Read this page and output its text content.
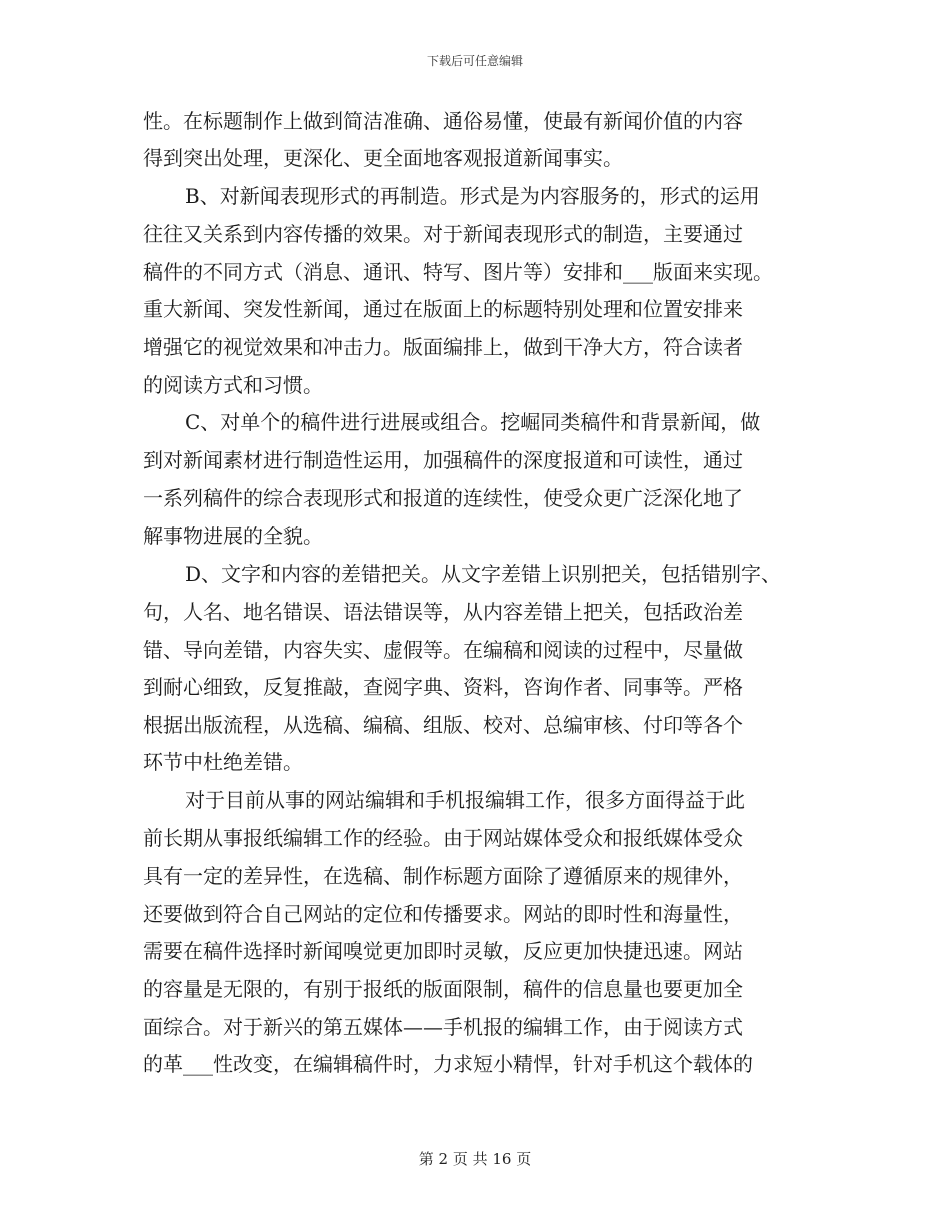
下载后可任意编辑
性。在标题制作上做到简洁准确、通俗易懂，使最有新闻价值的内容
得到突出处理，更深化、更全面地客观报道新闻事实。
B、对新闻表现形式的再制造。形式是为内容服务的，形式的运用
往往又关系到内容传播的效果。对于新闻表现形式的制造，主要通过
稿件的不同方式（消息、通讯、特写、图片等）安排和___版面来实现。
重大新闻、突发性新闻，通过在版面上的标题特别处理和位置安排来
增强它的视觉效果和冲击力。版面编排上，做到干净大方，符合读者
的阅读方式和习惯。
C、对单个的稿件进行进展或组合。挖崛同类稿件和背景新闻，做
到对新闻素材进行制造性运用，加强稿件的深度报道和可读性，通过
一系列稿件的综合表现形式和报道的连续性，使受众更广泛深化地了
解事物进展的全貌。
D、文字和内容的差错把关。从文字差错上识别把关，包括错别字、
句，人名、地名错误、语法错误等，从内容差错上把关，包括政治差
错、导向差错，内容失实、虚假等。在编稿和阅读的过程中，尽量做
到耐心细致，反复推敲，查阅字典、资料，咨询作者、同事等。严格
根据出版流程，从选稿、编稿、组版、校对、总编审核、付印等各个
环节中杜绝差错。
对于目前从事的网站编辑和手机报编辑工作，很多方面得益于此
前长期从事报纸编辑工作的经验。由于网站媒体受众和报纸媒体受众
具有一定的差异性，在选稿、制作标题方面除了遵循原来的规律外，
还要做到符合自己网站的定位和传播要求。网站的即时性和海量性，
需要在稿件选择时新闻嗅觉更加即时灵敏，反应更加快捷迅速。网站
的容量是无限的，有别于报纸的版面限制，稿件的信息量也要更加全
面综合。对于新兴的第五媒体——手机报的编辑工作，由于阅读方式
的革___性改变，在编辑稿件时，力求短小精悍，针对手机这个载体的
第 2 页 共 16 页
